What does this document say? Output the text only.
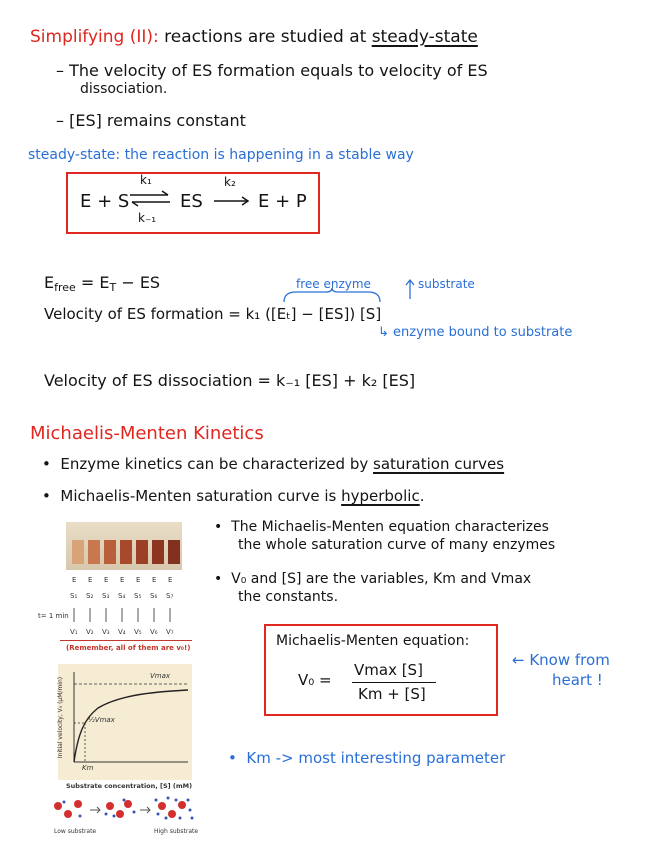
Simplifying (II): reactions are studied at steady-state
– The velocity of ES formation equals to velocity of ES
dissociation.
– [ES] remains constant
steady-state: the reaction is happening in a stable way
E + S
k₁
k₋₁
⇌ ES
k₂
E + P
$E_{free} = E_T$ − ES	free enzyme	substrate
Velocity of ES formation = k₁ ([Eₜ] − [ES]) [S]
↳ enzyme bound to substrate
Velocity of ES dissociation = k₋₁ [ES] + k₂ [ES]
Michaelis-Menten Kinetics
•  Enzyme kinetics can be characterized by saturation curves
•  Michaelis-Menten saturation curve is hyperbolic.
•  The Michaelis-Menten equation characterizes
the whole saturation curve of many enzymes
•  V₀ and [S] are the variables, Km and Vmax
the constants.
Michaelis-Menten equation:
V₀ =
Vmax [S]
Km + [S]
← Know from
heart !
•  Km -> most interesting parameter
E E E E E E E
S₁ S₂ S₃ S₄ S₅ S₆ S₇
t= 1 min
V₁ V₂ V₃ V₄ V₅ V₆ V₇
(Remember, all of them are v₀!)
Vmax
½Vmax
Km
Initial velocity, V₀ (μM/min)
Substrate concentration, [S] (mM)
Low substrate	High substrate
